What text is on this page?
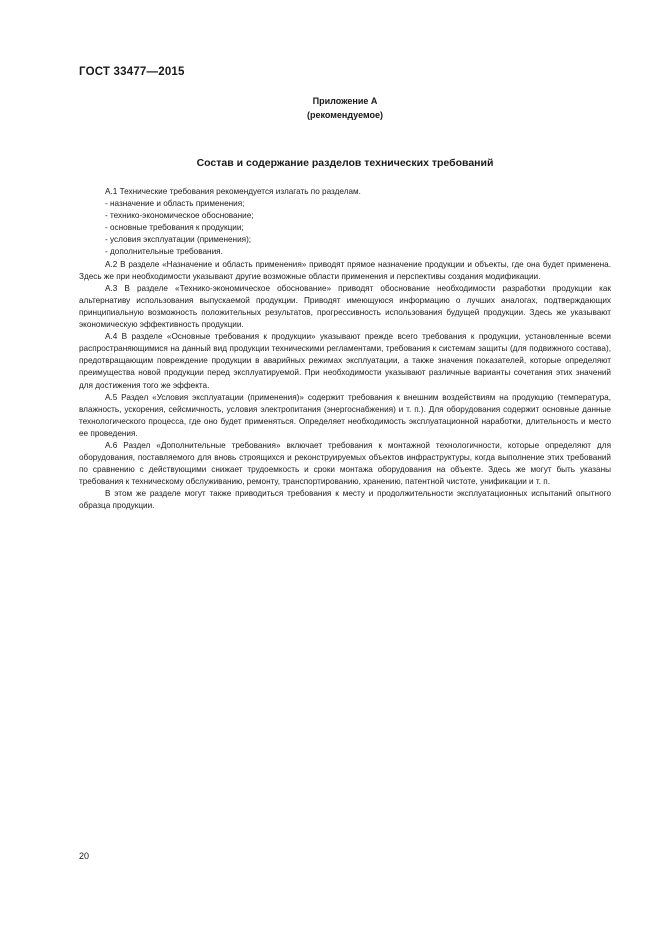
ГОСТ 33477—2015
Приложение А
(рекомендуемое)
Состав и содержание разделов технических требований

А.1 Технические требования рекомендуется излагать по разделам.

- назначение и область применения;
- технико-экономическое обоснование;
- основные требования к продукции;
- условия эксплуатации (применения);
- дополнительные требования.

А.2 В разделе «Назначение и область применения» приводят прямое назначение продукции и объекты, где она будет применена. Здесь же при необходимости указывают другие возможные области применения и перспективы создания модификации.

А.3 В разделе «Технико-экономическое обоснование» приводят обоснование необходимости разработки продукции как альтернативу использования выпускаемой продукции. Приводят имеющуюся информацию о лучших аналогах, подтверждающих принципиальную возможность положительных результатов, прогрессивность использования будущей продукции. Здесь же указывают экономическую эффективность продукции.

А.4 В разделе «Основные требования к продукции» указывают прежде всего требования к продукции, установленные всеми распространяющимися на данный вид продукции техническими регламентами, требования к системам защиты (для подвижного состава), предотвращающим повреждение продукции в аварийных режимах эксплуатации, а также значения показателей, которые определяют преимущества новой продукции перед эксплуатируемой. При необходимости указывают различные варианты сочетания этих значений для достижения того же эффекта.

А.5 Раздел «Условия эксплуатации (применения)» содержит требования к внешним воздействиям на продукцию (температура, влажность, ускорения, сейсмичность, условия электропитания (энергоснабжения) и т. п.). Для оборудования содержит основные данные технологического процесса, где оно будет применяться. Определяет необходимость эксплуатационной наработки, длительность и место ее проведения.

А.6 Раздел «Дополнительные требования» включает требования к монтажной технологичности, которые определяют для оборудования, поставляемого для вновь строящихся и реконструируемых объектов инфраструктуры, когда выполнение этих требований по сравнению с действующими снижает трудоемкость и сроки монтажа оборудования на объекте. Здесь же могут быть указаны требования к техническому обслуживанию, ремонту, транспортированию, хранению, патентной чистоте, унификации и т. п.

В этом же разделе могут также приводиться требования к месту и продолжительности эксплуатационных испытаний опытного образца продукции.

20
